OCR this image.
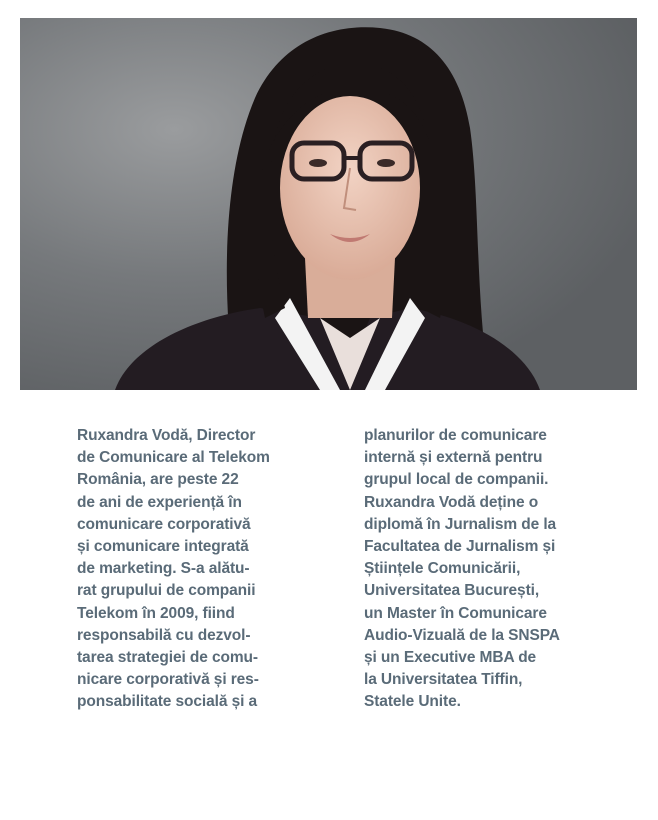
Ruxandra Vodă, Director
de Comunicare al Telekom
România, are peste 22
de ani de experiență în
comunicare corporativă
și comunicare integrată
de marketing. S-a alătu-
rat grupului de companii
Telekom în 2009, fiind
responsabilă cu dezvol-
tarea strategiei de comu-
nicare corporativă și res-
ponsabilitate socială și a
planurilor de comunicare
internă și externă pentru
grupul local de companii.
Ruxandra Vodă deține o
diplomă în Jurnalism de la
Facultatea de Jurnalism și
Științele Comunicării,
Universitatea București,
un Master în Comunicare
Audio-Vizuală de la SNSPA
și un Executive MBA de
la Universitatea Tiffin,
Statele Unite.
